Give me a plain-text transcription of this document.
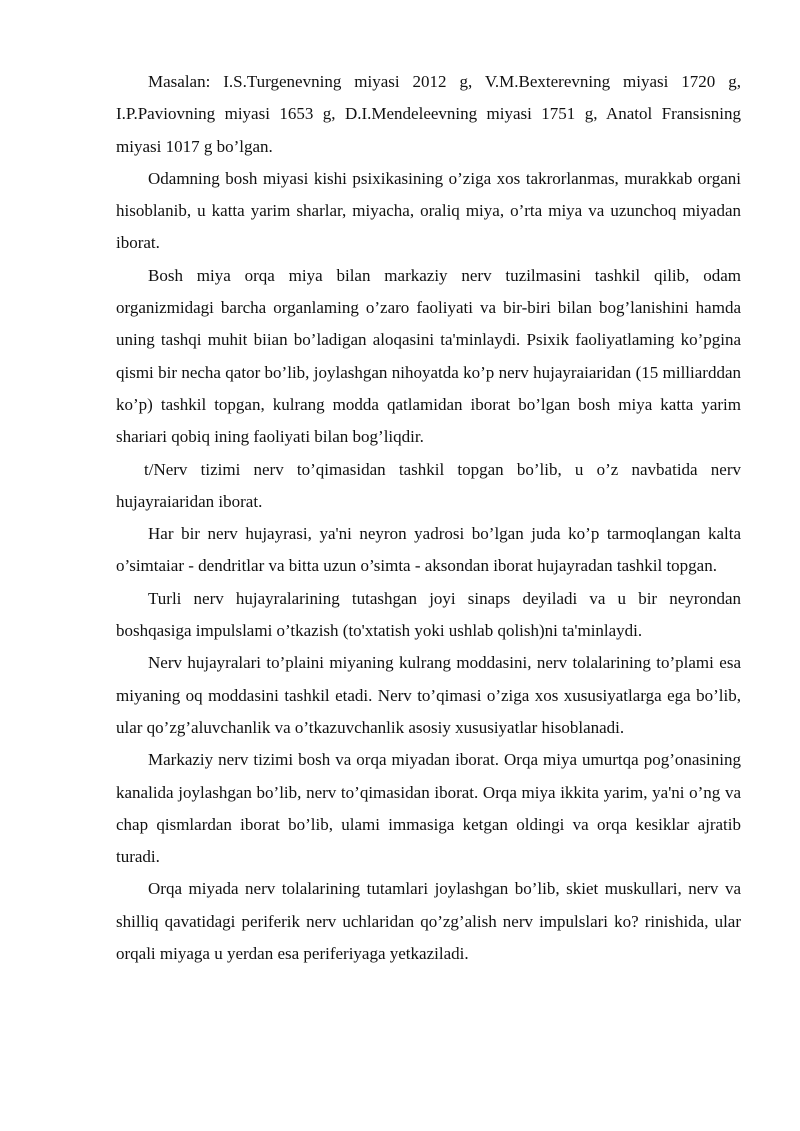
Masalan: I.S.Turgenevning miyasi 2012 g, V.M.Bexterevning miyasi 1720 g, I.P.Paviovning miyasi 1653 g, D.I.Mendeleevning miyasi 1751 g, Anatol Fransisning miyasi 1017 g bo’lgan.

Odamning bosh miyasi kishi psixikasining o’ziga xos takrorlanmas, murakkab organi hisoblanib, u katta yarim sharlar, miyacha, oraliq miya, o’rta miya va uzunchoq miyadan iborat.

Bosh miya orqa miya bilan markaziy nerv tuzilmasini tashkil qilib, odam organizmidagi barcha organlaming o’zaro faoliyati va bir-biri bilan bog’lanishini hamda uning tashqi muhit biian bo’ladigan aloqasini ta'minlaydi. Psixik faoliyatlaming ko’pgina qismi bir necha qator bo’lib, joylashgan nihoyatda ko’p nerv hujayraiaridan (15 milliarddan ko’p) tashkil topgan, kulrang modda qatlamidan iborat bo’lgan bosh miya katta yarim shariari qobiq ining faoliyati bilan bog’liqdir.

t/Nerv tizimi nerv to’qimasidan tashkil topgan bo’lib, u o’z navbatida nerv hujayraiaridan iborat.

Har bir nerv hujayrasi, ya'ni neyron yadrosi bo’lgan juda ko’p tarmoqlangan kalta o’simtaiar - dendritlar va bitta uzun o’simta - aksondan iborat hujayradan tashkil topgan.

Turli nerv hujayralarining tutashgan joyi sinaps deyiladi va u bir neyrondan boshqasiga impulslami o’tkazish (to'xtatish yoki ushlab qolish)ni ta'minlaydi.

Nerv hujayralari to’plaini miyaning kulrang moddasini, nerv tolalarining to’plami esa miyaning oq moddasini tashkil etadi. Nerv to’qimasi o’ziga xos xususiyatlarga ega bo’lib, ular qo’zg’aluvchanlik va o’tkazuvchanlik asosiy xususiyatlar hisoblanadi.

Markaziy nerv tizimi bosh va orqa miyadan iborat. Orqa miya umurtqa pog’onasining kanalida joylashgan bo’lib, nerv to’qimasidan iborat. Orqa miya ikkita yarim, ya'ni o’ng va chap qismlardan iborat bo’lib, ulami immasiga ketgan oldingi va orqa kesiklar ajratib turadi.

Orqa miyada nerv tolalarining tutamlari joylashgan bo’lib, skiet muskullari, nerv va shilliq qavatidagi periferik nerv uchlaridan qo’zg’alish nerv impulslari ko? rinishida, ular orqali miyaga u yerdan esa periferiyaga yetkaziladi.
